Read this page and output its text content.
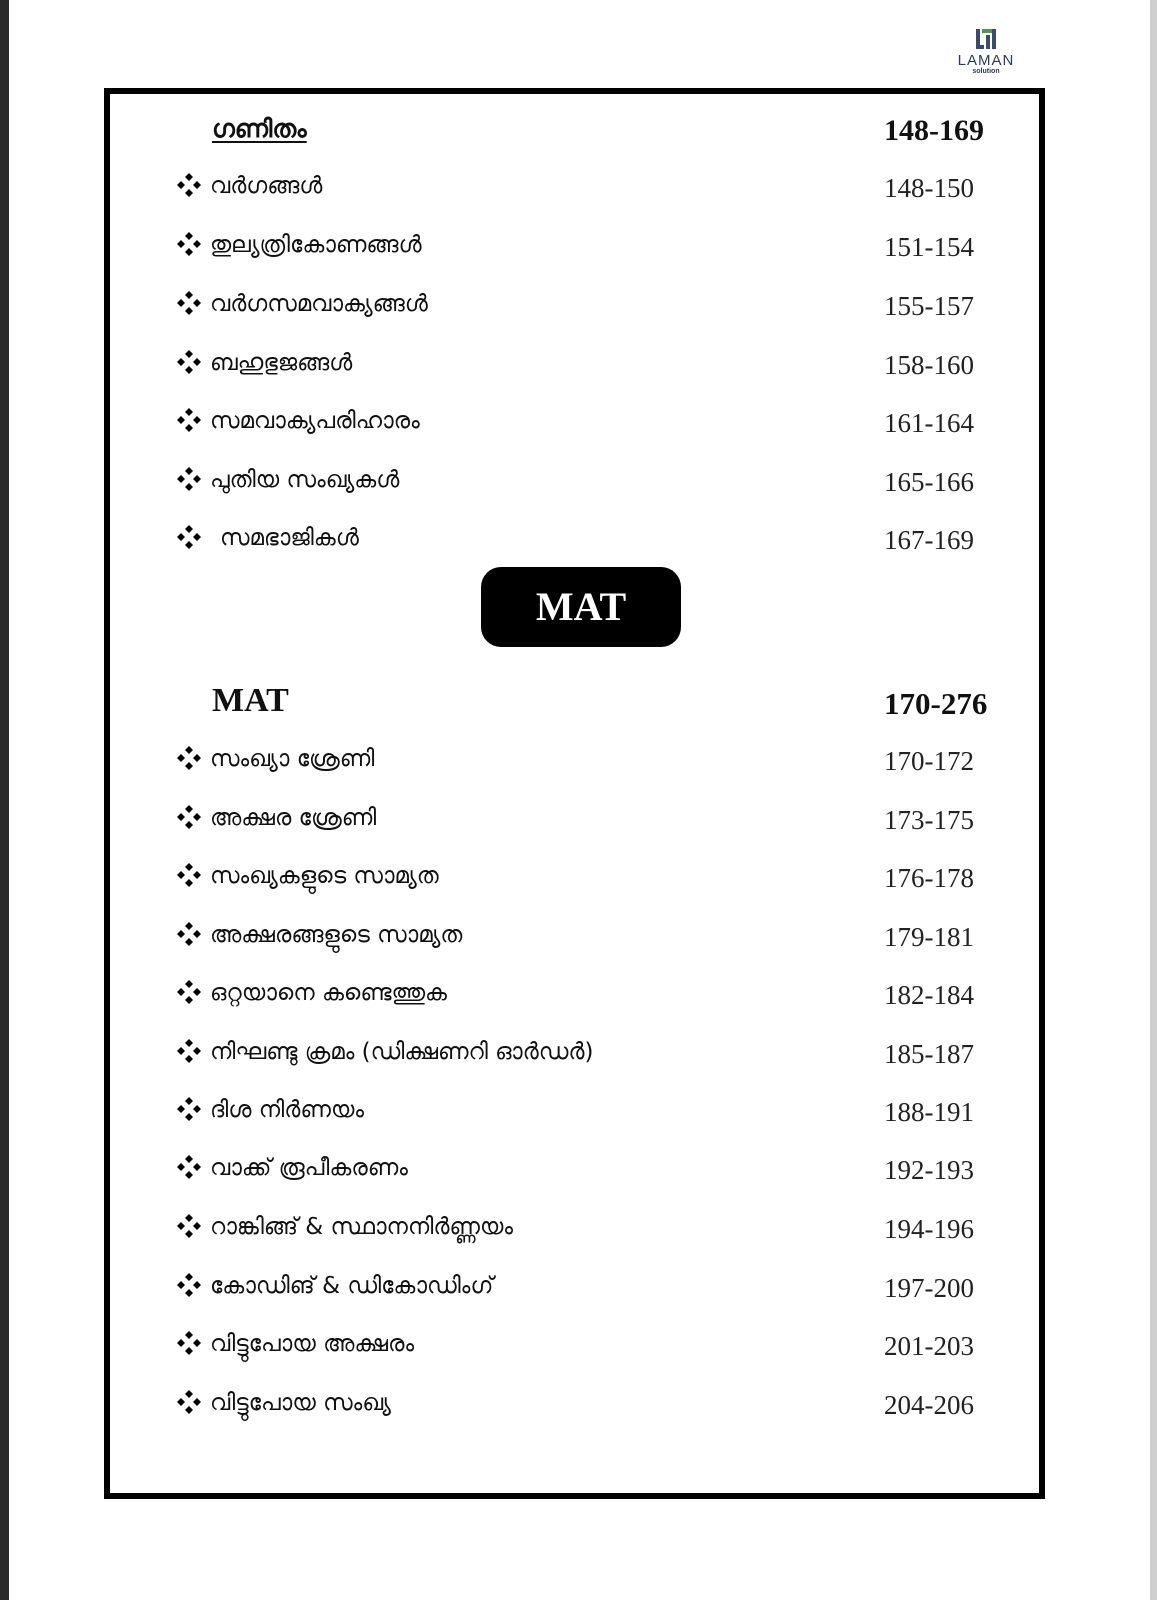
LAMAN
solution
ഗണിതം	148-169
വർഗങ്ങൾ	148-150
തുല്യത്രികോണങ്ങൾ	151-154
വർഗസമവാക്യങ്ങൾ	155-157
ബഹുഭുജങ്ങൾ	158-160
സമവാക്യപരിഹാരം	161-164
പുതിയ സംഖ്യകൾ	165-166
സമഭാജികൾ	167-169
MAT
MAT	170-276
സംഖ്യാ ശ്രേണി	170-172
അക്ഷര ശ്രേണി	173-175
സംഖ്യകളുടെ സാമ്യത	176-178
അക്ഷരങ്ങളുടെ സാമ്യത	179-181
ഒറ്റയാനെ കണ്ടെത്തുക	182-184
നിഘണ്ടു ക്രമം (ഡിക്ഷണറി ഓർഡർ)	185-187
ദിശ നിർണയം	188-191
വാക്ക് രൂപീകരണം	192-193
റാങ്കിങ്ങ് & സ്ഥാനനിർണ്ണയം	194-196
കോഡിങ് & ഡികോഡിംഗ്	197-200
വിട്ടുപോയ അക്ഷരം	201-203
വിട്ടുപോയ സംഖ്യ	204-206
